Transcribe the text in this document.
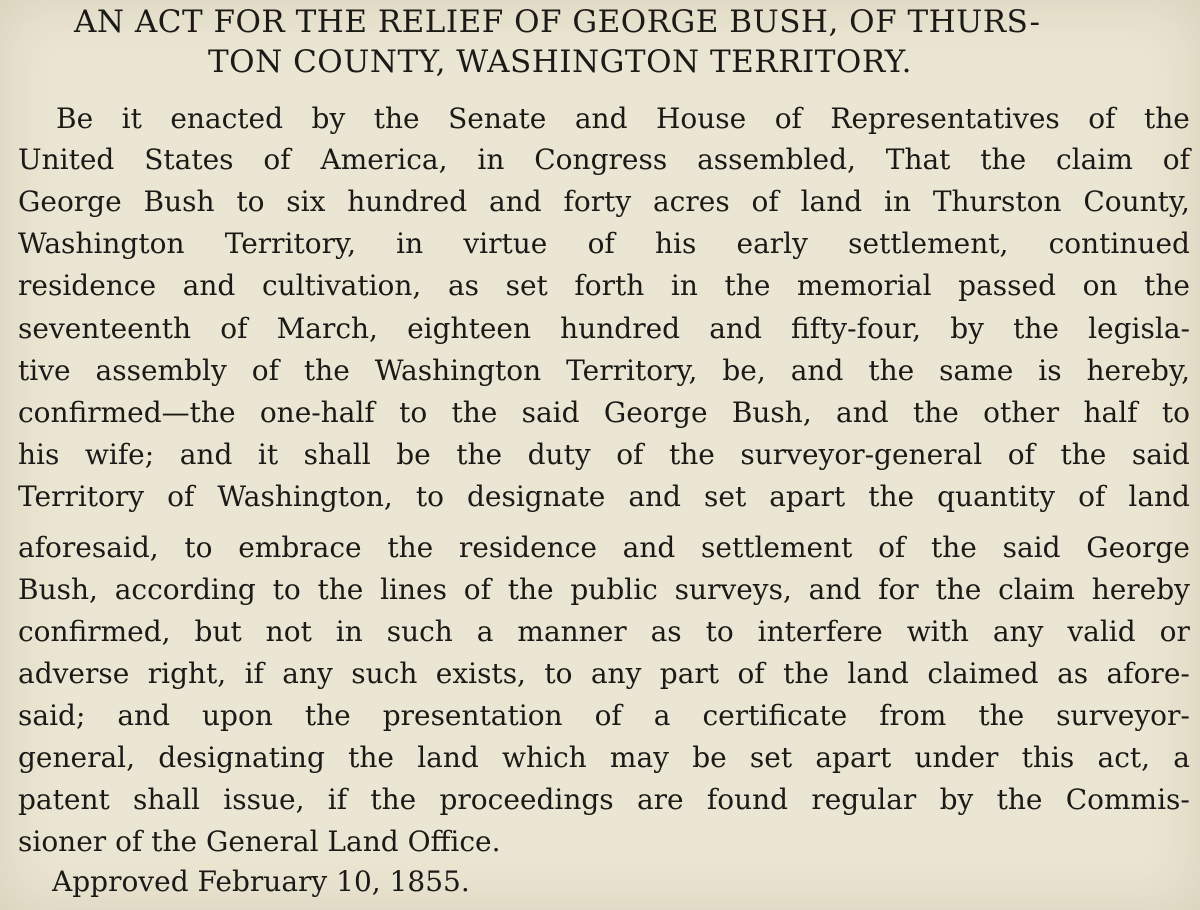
AN ACT FOR THE RELIEF OF GEORGE BUSH, OF THURS-
TON COUNTY, WASHINGTON TERRITORY.
Be it enacted by the Senate and House of Representatives of the
United States of America, in Congress assembled, That the claim of
George Bush to six hundred and forty acres of land in Thurston County,
Washington Territory, in virtue of his early settlement, continued
residence and cultivation, as set forth in the memorial passed on the
seventeenth of March, eighteen hundred and fifty-four, by the legisla-
tive assembly of the Washington Territory, be, and the same is hereby,
confirmed—the one-half to the said George Bush, and the other half to
his wife; and it shall be the duty of the surveyor-general of the said
Territory of Washington, to designate and set apart the quantity of land
aforesaid, to embrace the residence and settlement of the said George
Bush, according to the lines of the public surveys, and for the claim hereby
confirmed, but not in such a manner as to interfere with any valid or
adverse right, if any such exists, to any part of the land claimed as afore-
said; and upon the presentation of a certificate from the surveyor-
general, designating the land which may be set apart under this act, a
patent shall issue, if the proceedings are found regular by the Commis-
sioner of the General Land Office.
Approved February 10, 1855.
